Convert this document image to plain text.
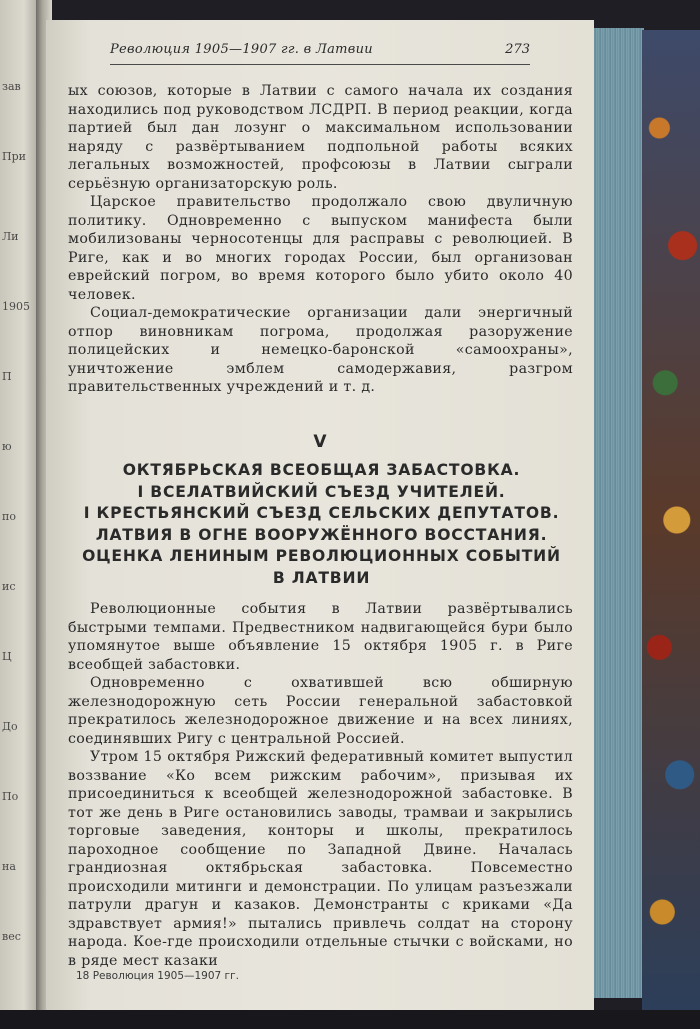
зав
При
Ли
1905
П
ю
по
ис
Ц
До
По
на
вес
Революция 1905—1907 гг. в Латвии	273

ых союзов, которые в Латвии с самого начала их создания находились под руководством ЛСДРП. В период реакции, когда партией был дан лозунг о максимальном использовании наряду с развёртыванием подпольной работы всяких легальных возможностей, профсоюзы в Латвии сыграли серьёзную организаторскую роль.

Царское правительство продолжало свою двуличную политику. Одновременно с выпуском манифеста были мобилизованы черносотенцы для расправы с революцией. В Риге, как и во многих городах России, был организован еврейский погром, во время которого было убито около 40 человек.

Социал-демократические организации дали энергичный отпор виновникам погрома, продолжая разоружение полицейских и немецко-баронской «самоохраны», уничтожение эмблем самодержавия, разгром правительственных учреждений и т. д.

V
ОКТЯБРЬСКАЯ ВСЕОБЩАЯ ЗАБАСТОВКА.
I ВСЕЛАТВИЙСКИЙ СЪЕЗД УЧИТЕЛЕЙ.
I КРЕСТЬЯНСКИЙ СЪЕЗД СЕЛЬСКИХ ДЕПУТАТОВ.
ЛАТВИЯ В ОГНЕ ВООРУЖЁННОГО ВОССТАНИЯ.
ОЦЕНКА ЛЕНИНЫМ РЕВОЛЮЦИОННЫХ СОБЫТИЙ
В ЛАТВИИ

Революционные события в Латвии развёртывались быстрыми темпами. Предвестником надвигающейся бури было упомянутое выше объявление 15 октября 1905 г. в Риге всеобщей забастовки.

Одновременно с охватившей всю обширную железнодорожную сеть России генеральной забастовкой прекратилось железнодорожное движение и на всех линиях, соединявших Ригу с центральной Россией.

Утром 15 октября Рижский федеративный комитет выпустил воззвание «Ко всем рижским рабочим», призывая их присоединиться к всеобщей железнодорожной забастовке. В тот же день в Риге остановились заводы, трамваи и закрылись торговые заведения, конторы и школы, прекратилось пароходное сообщение по Западной Двине. Началась грандиозная октябрьская забастовка. Повсеместно происходили митинги и демонстрации. По улицам разъезжали патрули драгун и казаков. Демонстранты с криками «Да здравствует армия!» пытались привлечь солдат на сторону народа. Кое-где происходили отдельные стычки с войсками, но в ряде мест казаки

18 Революция 1905—1907 гг.
